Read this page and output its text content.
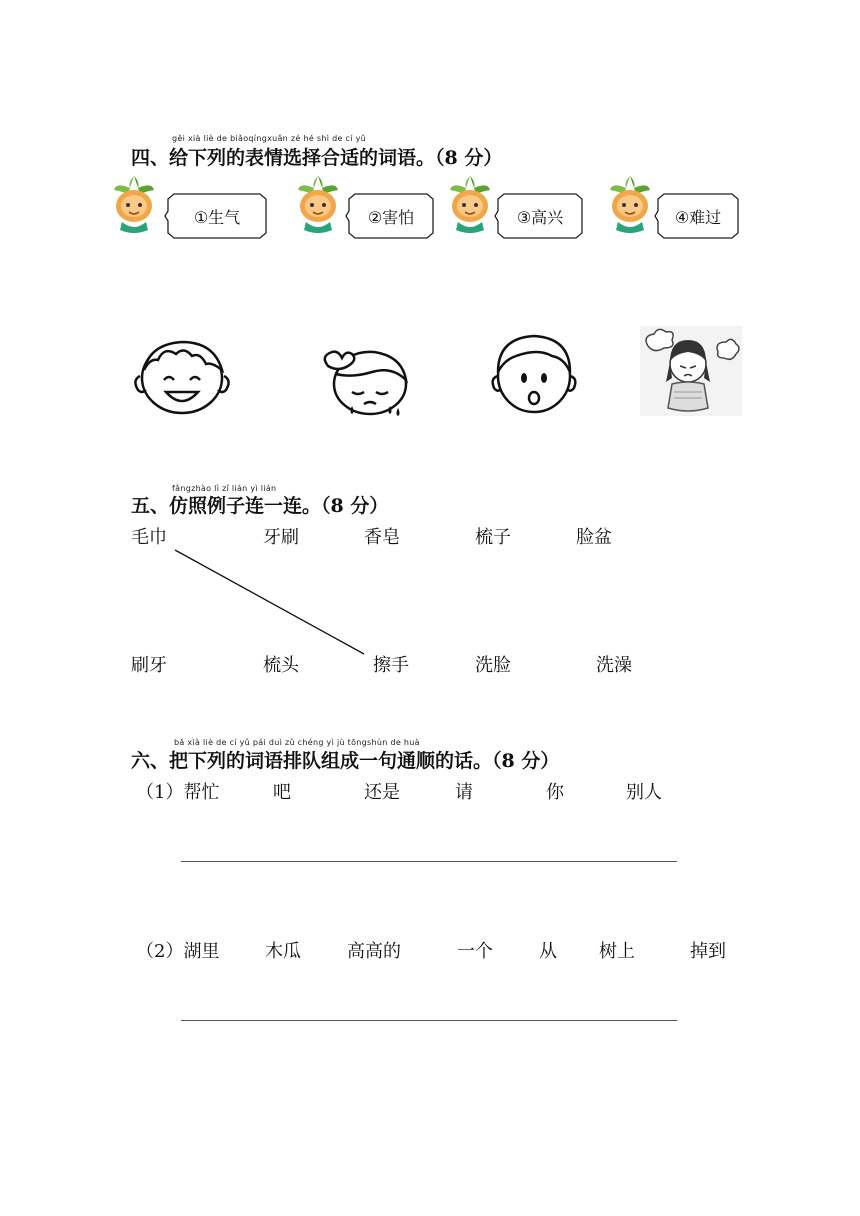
gěi xià liè de biǎoqíngxuǎn zé hé shì de cí yǔ
四、给下列的表情选择合适的词语。（8 分）
①生气	②害怕	③高兴	④难过
fǎngzhào lì zǐ lián yì lián
五、仿照例子连一连。（8 分）
毛巾	牙刷	香皂	梳子	脸盆
刷牙	梳头	擦手	洗脸	洗澡
bǎ xià liè de cí yǔ pái duì zǔ chéng yì jù tōngshùn de huà
六、把下列的词语排队组成一句通顺的话。（8 分）
（1）帮忙	吧	还是	请	你	别人
（2）湖里	木瓜	高高的	一个	从 树上	掉到
